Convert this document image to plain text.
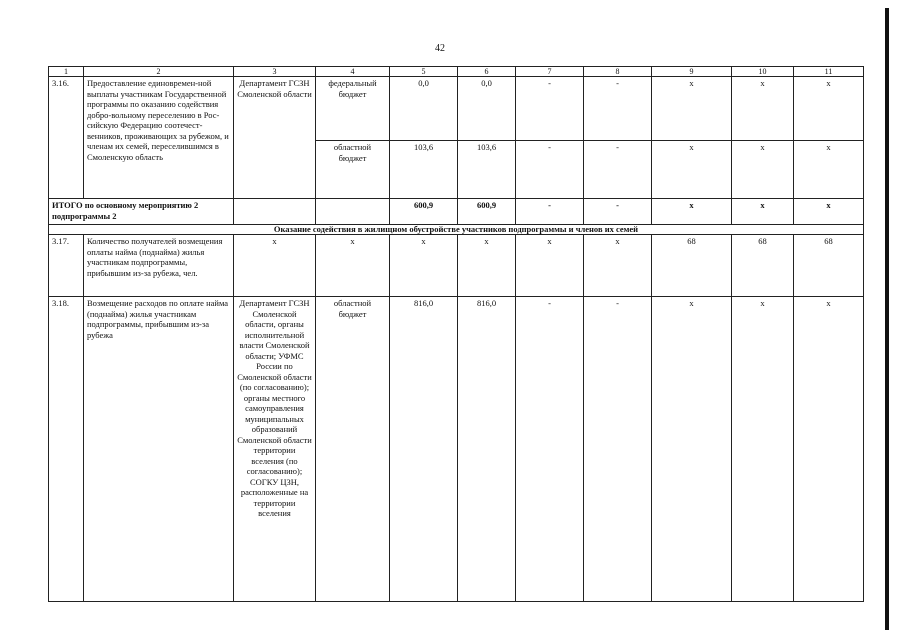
42
1	2	3	4	5	6	7	8	9	10	11
3.16.	Предоставление единовремен-ной выплаты участникам Государственной программы по оказанию содействия добро-вольному переселению в Рос-сийскую Федерацию соотечест-венников, проживающих за рубежом, и членам их семей, переселившимся в Смоленскую область	Департамент ГСЗН Смоленской области	федеральный бюджет	0,0	0,0	-	-	x	x	x
			областной бюджет	103,6	103,6	-	-	x	x	x
ИТОГО по основному мероприятию 2 подпрограммы 2				600,9	600,9	-	-	x	x	x
Оказание содействия в жилищном обустройстве участников подпрограммы и членов их семей										
3.17.	Количество получателей возмещения оплаты найма (поднайма) жилья участникам подпрограммы, прибывшим из-за рубежа, чел.	x	x	x	x	x	x	68	68	68
3.18.	Возмещение расходов по оплате найма (поднайма) жилья участникам подпрограммы, прибывшим из-за рубежа	Департамент ГСЗН Смоленской области, органы исполнительной власти Смоленской области; УФМС России по Смоленской области (по согласованию); органы местного самоуправления муниципальных образований Смоленской области территории вселения (по согласованию); СОГКУ ЦЗН, расположенные на территории вселения	областной бюджет	816,0	816,0	-	-	x	x	x
